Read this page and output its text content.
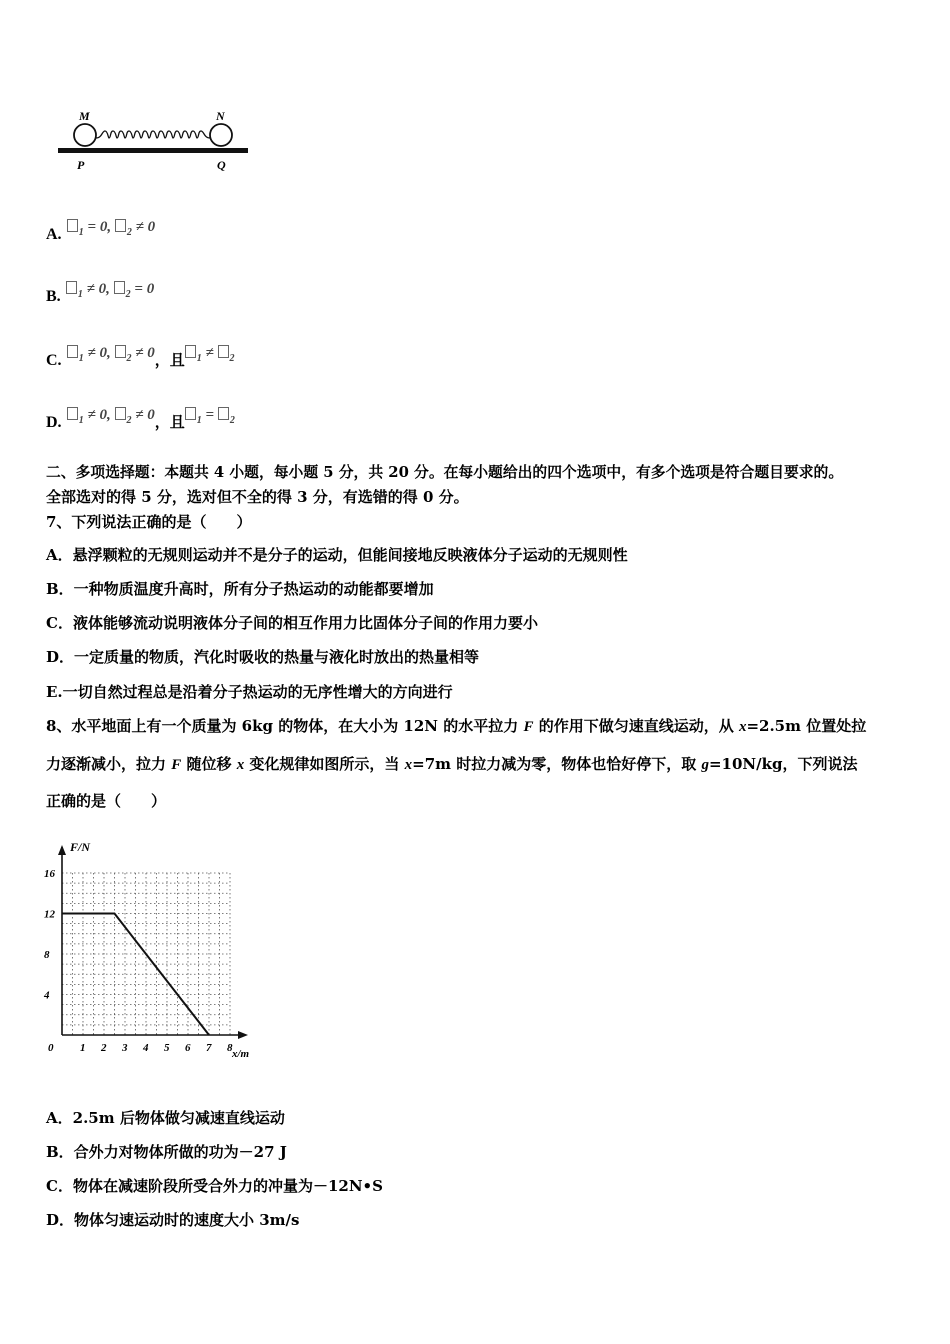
M	N
P	Q
A. $_1$ = 0, $_2$ ≠ 0
B. $_1$ ≠ 0, $_2$ = 0
C. $_1$ ≠ 0, $_2$ ≠ 0，且 $_1$ ≠ $_2$
D. $_1$ ≠ 0, $_2$ ≠ 0，且 $_1$ = $_2$
二、多项选择题：本题共 4 小题，每小题 5 分，共 20 分。在每小题给出的四个选项中，有多个选项是符合题目要求的。
全部选对的得 5 分，选对但不全的得 3 分，有选错的得 0 分。
7、下列说法正确的是（　　）
A．悬浮颗粒的无规则运动并不是分子的运动，但能间接地反映液体分子运动的无规则性
B．一种物质温度升高时，所有分子热运动的动能都要增加
C．液体能够流动说明液体分子间的相互作用力比固体分子间的作用力要小
D．一定质量的物质，汽化时吸收的热量与液化时放出的热量相等
E.一切自然过程总是沿着分子热运动的无序性增大的方向进行
8、水平地面上有一个质量为 6kg 的物体，在大小为 12N 的水平拉力 F 的作用下做匀速直线运动，从 x=2.5m 位置处拉
力逐渐减小，拉力 F 随位移 x 变化规律如图所示，当 x=7m 时拉力减为零，物体也恰好停下，取 g=10N/kg，下列说法
正确的是（　　）
0 1 2 3 4 5 6 7 8
16
12
8
4
F/N
x/m
A．2.5m 后物体做匀减速直线运动
B．合外力对物体所做的功为－27 J
C．物体在减速阶段所受合外力的冲量为－12N•S
D．物体匀速运动时的速度大小 3m/s
